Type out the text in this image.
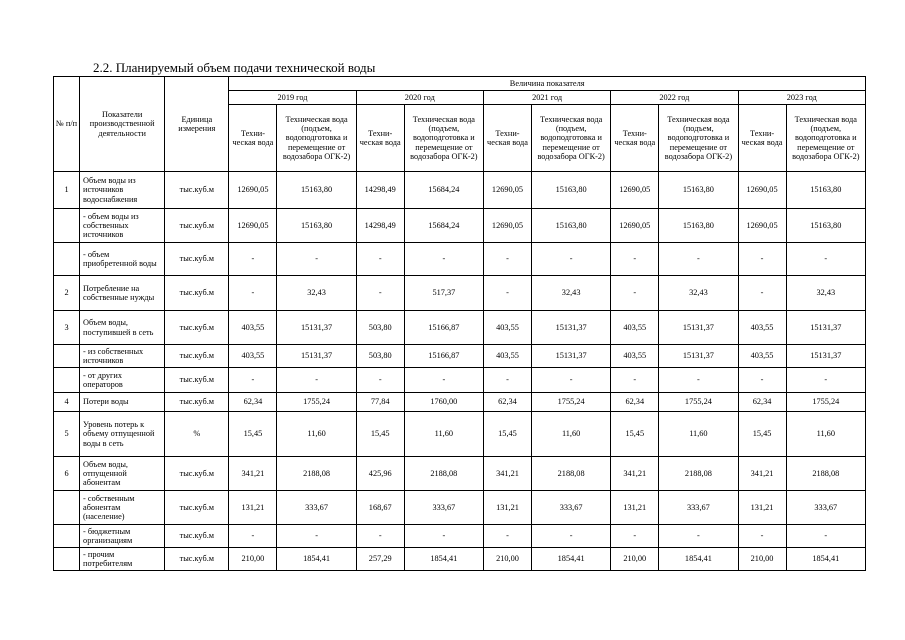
2.2. Планируемый объем подачи технической воды
№ п/п	Показатели производственной деятельности	Единица измерения	Величина показателя									
			2019 год		2020 год		2021 год		2022 год		2023 год	
			Техни-ческая вода	Техническая вода (подъем, водоподготовка и перемещение от водозабора ОГК-2)	Техни-ческая вода	Техническая вода (подъем, водоподготовка и перемещение от водозабора ОГК-2)	Техни-ческая вода	Техническая вода (подъем, водоподготовка и перемещение от водозабора ОГК-2)	Техни-ческая вода	Техническая вода (подъем, водоподготовка и перемещение от водозабора ОГК-2)	Техни-ческая вода	Техническая вода (подъем, водоподготовка и перемещение от водозабора ОГК-2)
1	Объем воды из источников водоснабжения	тыс.куб.м	12690,05	15163,80	14298,49	15684,24	12690,05	15163,80	12690,05	15163,80	12690,05	15163,80
	- объем воды из собственных источников	тыс.куб.м	12690,05	15163,80	14298,49	15684,24	12690,05	15163,80	12690,05	15163,80	12690,05	15163,80
	- объем приобретенной воды	тыс.куб.м	-	-	-	-	-	-	-	-	-	-
2	Потребление на собственные нужды	тыс.куб.м	-	32,43	-	517,37	-	32,43	-	32,43	-	32,43
3	Объем воды, поступившей в сеть	тыс.куб.м	403,55	15131,37	503,80	15166,87	403,55	15131,37	403,55	15131,37	403,55	15131,37
	- из собственных источников	тыс.куб.м	403,55	15131,37	503,80	15166,87	403,55	15131,37	403,55	15131,37	403,55	15131,37
	- от других операторов	тыс.куб.м	-	-	-	-	-	-	-	-	-	-
4	Потери воды	тыс.куб.м	62,34	1755,24	77,84	1760,00	62,34	1755,24	62,34	1755,24	62,34	1755,24
5	Уровень потерь к объему отпущенной воды в сеть	%	15,45	11,60	15,45	11,60	15,45	11,60	15,45	11,60	15,45	11,60
6	Объем воды, отпущенной абонентам	тыс.куб.м	341,21	2188,08	425,96	2188,08	341,21	2188,08	341,21	2188,08	341,21	2188,08
	- собственным абонентам (население)	тыс.куб.м	131,21	333,67	168,67	333,67	131,21	333,67	131,21	333,67	131,21	333,67
	- бюджетным организациям	тыс.куб.м	-	-	-	-	-	-	-	-	-	-
	- прочим потребителям	тыс.куб.м	210,00	1854,41	257,29	1854,41	210,00	1854,41	210,00	1854,41	210,00	1854,41
